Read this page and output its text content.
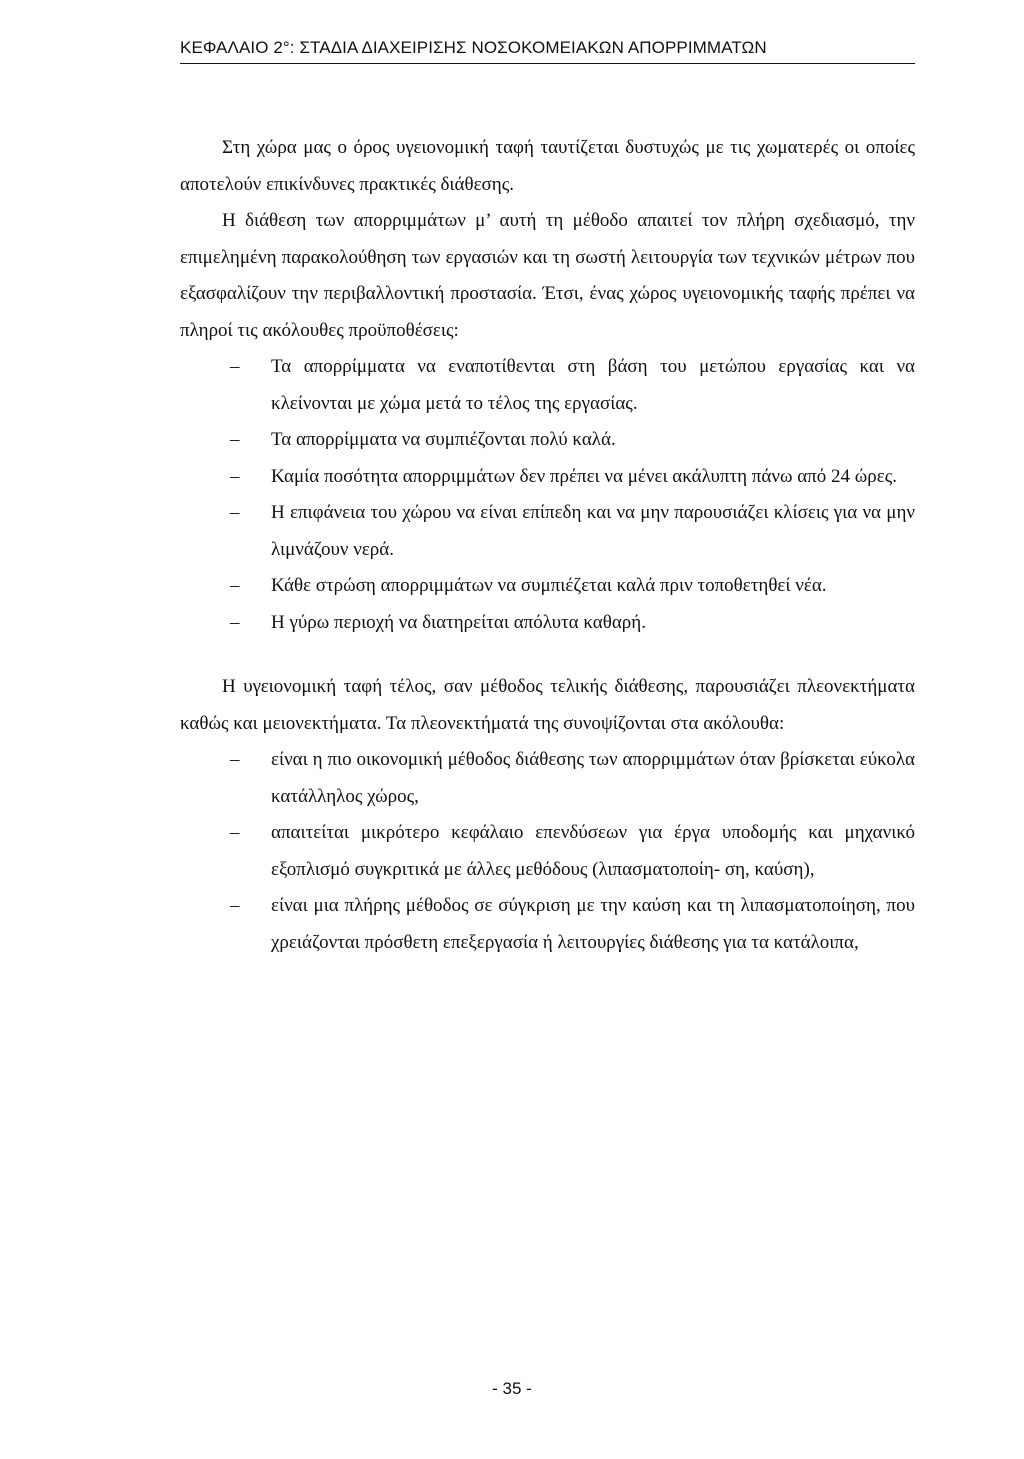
ΚΕΦΑΛΑΙΟ 2°: ΣΤΑΔΙΑ ΔΙΑΧΕΙΡΙΣΗΣ ΝΟΣΟΚΟΜΕΙΑΚΩΝ ΑΠΟΡΡΙΜΜΑΤΩΝ

Στη χώρα μας ο όρος υγειονομική ταφή ταυτίζεται δυστυχώς με τις χωματερές οι οποίες αποτελούν επικίνδυνες πρακτικές διάθεσης.

Η διάθεση των απορριμμάτων μ’ αυτή τη μέθοδο απαιτεί τον πλήρη σχεδιασμό, την επιμελημένη παρακολούθηση των εργασιών και τη σωστή λειτουργία των τεχνικών μέτρων που εξασφαλίζουν την περιβαλλοντική προστασία. Έτσι, ένας χώρος υγειονομικής ταφής πρέπει να πληροί τις ακόλουθες προϋποθέσεις:

– Τα απορρίμματα να εναποτίθενται στη βάση του μετώπου εργασίας και να κλείνονται με χώμα μετά το τέλος της εργασίας.
– Τα απορρίμματα να συμπιέζονται πολύ καλά.
– Καμία ποσότητα απορριμμάτων δεν πρέπει να μένει ακάλυπτη πάνω από 24 ώρες.
– Η επιφάνεια του χώρου να είναι επίπεδη και να μην παρουσιάζει κλίσεις για να μην λιμνάζουν νερά.
– Κάθε στρώση απορριμμάτων να συμπιέζεται καλά πριν τοποθετηθεί νέα.
– Η γύρω περιοχή να διατηρείται απόλυτα καθαρή.

Η υγειονομική ταφή τέλος, σαν μέθοδος τελικής διάθεσης, παρουσιάζει πλεονεκτήματα καθώς και μειονεκτήματα. Τα πλεονεκτήματά της συνοψίζονται στα ακόλουθα:

– είναι η πιο οικονομική μέθοδος διάθεσης των απορριμμάτων όταν βρίσκεται εύκολα κατάλληλος χώρος,
– απαιτείται μικρότερο κεφάλαιο επενδύσεων για έργα υποδομής και μηχανικό εξοπλισμό συγκριτικά με άλλες μεθόδους (λιπασματοποίη- ση, καύση),
– είναι μια πλήρης μέθοδος σε σύγκριση με την καύση και τη λιπασματοποίηση, που χρειάζονται πρόσθετη επεξεργασία ή λειτουργίες διάθεσης για τα κατάλοιπα,
- 35 -
